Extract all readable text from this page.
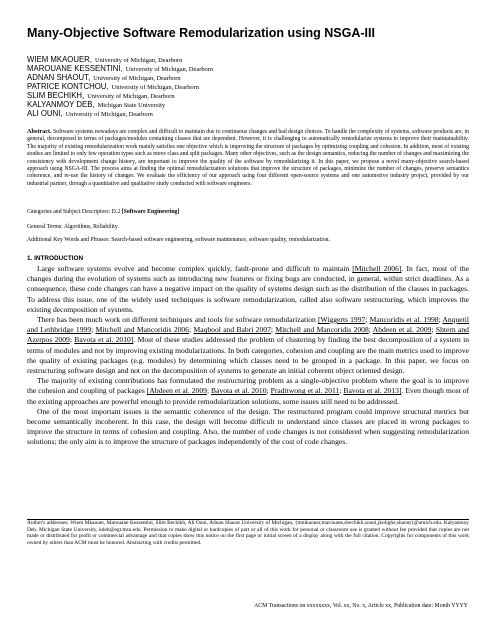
Many-Objective Software Remodularization using NSGA-III
WIEM MKAOUER, University of Michigan, Dearborn
MAROUANE KESSENTINI, University of Michigan, Dearborn
ADNAN SHAOUT, University of Michigan, Dearborn
PATRICE KONTCHOU, University of Michigan, Dearborn
SLIM BECHIKH, University of Michigan, Dearborn
KALYANMOY DEB, Michigan State University
ALI OUNI, University of Michigan, Dearborn

Abstract. Software systems nowadays are complex and difficult to maintain due to continuous changes and bad design choices. To handle the complexity of systems, software products are, in general, decomposed in terms of packages/modules containing classes that are dependent. However, it is challenging to automatically remodularize systems to improve their maintainability. The majority of existing remodularization work mainly satisfies one objective which is improving the structure of packages by optimizing coupling and cohesion. In addition, most of existing studies are limited to only few operation types such as move class and split packages. Many other objectives, such as the design semantics, reducing the number of changes and maximizing the consistency with development change history, are important to improve the quality of the software by remodularizing it. In this paper, we propose a novel many-objective search-based approach using NSGA-III. The process aims at finding the optimal remodularization solutions that improve the structure of packages, minimize the number of changes, preserve semantics coherence, and re-use the history of changes. We evaluate the efficiency of our approach using four different open-source systems and one automotive industry project, provided by our industrial partner, through a quantitative and qualitative study conducted with software engineers.

Categories and Subject Descriptors: D.2 [Software Engineering]

General Terms: Algorithms, Reliability.

Additional Key Words and Phrases: Search-based software engineering, software maintenance, software quality, remodularization.

1. INTRODUCTION

Large software systems evolve and become complex quickly, fault-prone and difficult to maintain [Mitchell 2006]. In fact, most of the changes during the evolution of systems such as introducing new features or fixing bugs are conducted, in general, within strict deadlines. As a consequence, these code changes can have a negative impact on the quality of systems design such as the distribution of the classes in packages. To address this issue, one of the widely used techniques is software remodularization, called also software restructuring, which improves the existing decomposition of systems.

There has been much work on different techniques and tools for software remodularization [Wiggerts 1997; Mancoridis et al. 1998; Anquetil and Lethbridge 1999; Mitchell and Mancoridis 2006; Maqbool and Babri 2007; Mitchell and Mancoridis 2008; Abdeen et al. 2009; Shtern and Azerpos 2009; Bavota et al. 2010]. Most of these studies addressed the problem of clustering by finding the best decomposition of a system in terms of modules and not by improving existing modularizations. In both categories, cohesion and coupling are the main metrics used to improve the quality of existing packages (e.g. modules) by determining which classes need to be grouped in a package. In this paper, we focus on restructuring software design and not on the decomposition of systems to generate an initial coherent object oriented design.

The majority of existing contributions has formulated the restructuring problem as a single-objective problem where the goal is to improve the cohesion and coupling of packages [Abdeen et al. 2009; Bavota et al. 2010; Praditwong et al. 2011; Bavota et al. 2013]. Even though most of the existing approaches are powerful enough to provide remodularization solutions, some issues still need to be addressed.

One of the most important issues is the semantic coherence of the design. The restructured program could improve structural metrics but become semantically incoherent. In this case, the design will become difficult to understand since classes are placed in wrong packages to improve the structure in terms of cohesion and coupling. Also, the number of code changes is not considered when suggesting remodularization solutions; the only aim is to improve the structure of packages independently of the cost of code changes.

Author's addresses: Wiem Mkaouer, Marouane Kessentini, Slim Bechikh, Ali Ouni, Adnan Shaout University of Michigan, {mmkaouer,marouane,sbechikh,souni,jkolighe,shaout}@umich.edu. Kalyanmoy Deb, Michigan State University, kdeb@egr.msu.edu. Permission to make digital or hardcopies of part or all of this work for personal or classroom use is granted without fee provided that copies are not made or distributed for profit or commercial advantage and that copies show this notice on the first page or initial screen of a display along with the full citation. Copyrights for components of this work owned by others than ACM must be honored. Abstracting with credits permitted.

ACM Transactions on xxxxxxxx, Vol. xx, No. x, Article xx, Publication date: Month YYYY
